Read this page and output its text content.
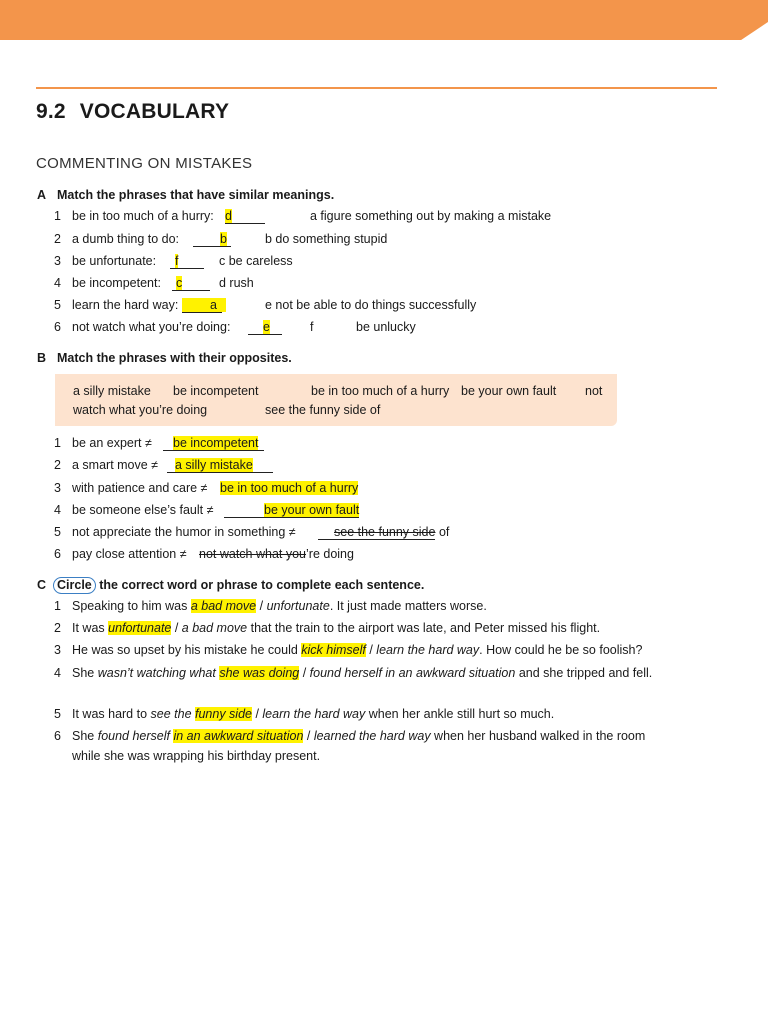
9.2 VOCABULARY
COMMENTING ON MISTAKES
A Match the phrases that have similar meanings.
1 be in too much of a hurry: d	a figure something out by making a mistake
2 a dumb thing to do:	b	b do something stupid
3 be unfortunate:	f	c be careless
4 be incompetent:	c	d rush
5 learn the hard way:	a	e not be able to do things successfully
6 not watch what you’re doing:	e	f	be unlucky
B Match the phrases with their opposites.
a silly mistake be incompetent	be in too much of a hurry be your own fault not
watch what you’re doing	see the funny side of
1 be an expert ≠	be incompetent
2 a smart move ≠	a silly mistake
3 with patience and care ≠ be in too much of a hurry
4 be someone else’s fault ≠	be your own fault
5 not appreciate the humor in something ≠	see the funny side of
6 pay close attention ≠ not watch what you’re doing
C Circle the correct word or phrase to complete each sentence.
1 Speaking to him was a bad move / unfortunate. It just made matters worse.
2 It was unfortunate / a bad move that the train to the airport was late, and Peter missed his flight.
3 He was so upset by his mistake he could kick himself / learn the hard way. How could he be so foolish?
4 She wasn’t watching what she was doing / found herself in an awkward situation and she tripped and fell.
5 It was hard to see the funny side / learn the hard way when her ankle still hurt so much.
6 She found herself in an awkward situation / learned the hard way when her husband walked in the room while she was wrapping his birthday present.
